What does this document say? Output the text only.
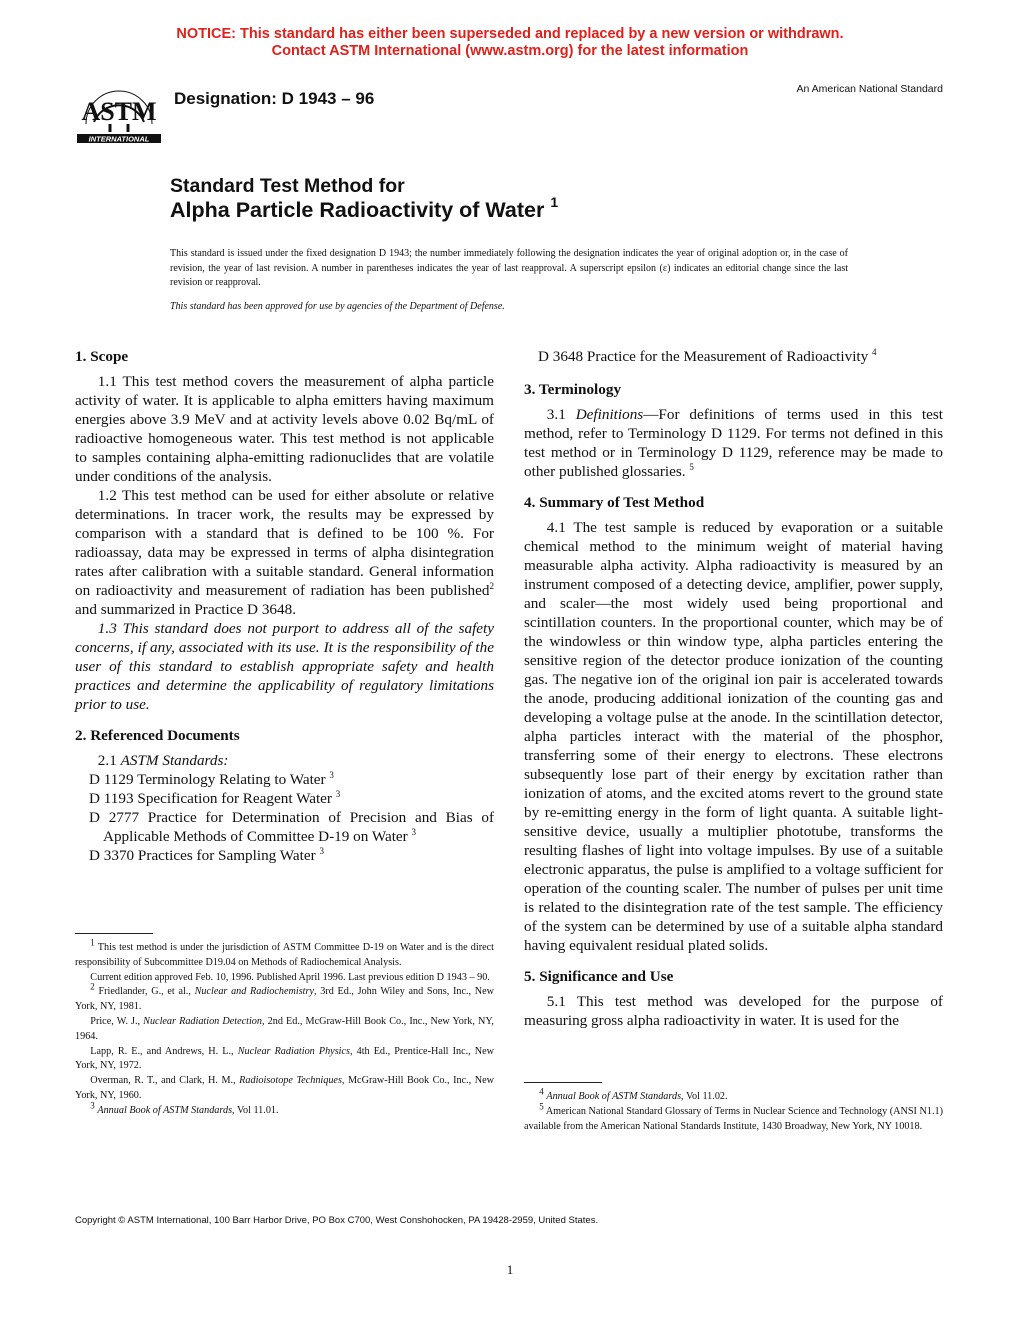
NOTICE: This standard has either been superseded and replaced by a new version or withdrawn.
Contact ASTM International (www.astm.org) for the latest information
ASTM
INTERNATIONAL
Designation: D 1943 – 96	An American National Standard
Standard Test Method for
Alpha Particle Radioactivity of Water $^1$
This standard is issued under the fixed designation D 1943; the number immediately following the designation indicates the year of original adoption or, in the case of revision, the year of last revision. A number in parentheses indicates the year of last reapproval. A superscript epsilon (ε) indicates an editorial change since the last revision or reapproval.
This standard has been approved for use by agencies of the Department of Defense.
1. Scope

1.1 This test method covers the measurement of alpha particle activity of water. It is applicable to alpha emitters having maximum energies above 3.9 MeV and at activity levels above 0.02 Bq/mL of radioactive homogeneous water. This test method is not applicable to samples containing alpha-emitting radionuclides that are volatile under conditions of the analysis.

1.2 This test method can be used for either absolute or relative determinations. In tracer work, the results may be expressed by comparison with a standard that is defined to be 100 %. For radioassay, data may be expressed in terms of alpha disintegration rates after calibration with a suitable standard. General information on radioactivity and measurement of radiation has been published$^2$ and summarized in Practice D 3648.

1.3 This standard does not purport to address all of the safety concerns, if any, associated with its use. It is the responsibility of the user of this standard to establish appropriate safety and health practices and determine the applicability of regulatory limitations prior to use.

2. Referenced Documents

2.1 ASTM Standards:

D 1129 Terminology Relating to Water $^3$
D 1193 Specification for Reagent Water $^3$
D 2777 Practice for Determination of Precision and Bias of Applicable Methods of Committee D-19 on Water $^3$
D 3370 Practices for Sampling Water $^3$

$^1$ This test method is under the jurisdiction of ASTM Committee D-19 on Water and is the direct responsibility of Subcommittee D19.04 on Methods of Radiochemical Analysis.

Current edition approved Feb. 10, 1996. Published April 1996. Last previous edition D 1943 – 90.

$^2$ Friedlander, G., et al., Nuclear and Radiochemistry, 3rd Ed., John Wiley and Sons, Inc., New York, NY, 1981.

Price, W. J., Nuclear Radiation Detection, 2nd Ed., McGraw-Hill Book Co., Inc., New York, NY, 1964.

Lapp, R. E., and Andrews, H. L., Nuclear Radiation Physics, 4th Ed., Prentice-Hall Inc., New York, NY, 1972.

Overman, R. T., and Clark, H. M., Radioisotope Techniques, McGraw-Hill Book Co., Inc., New York, NY, 1960.

$^3$ Annual Book of ASTM Standards, Vol 11.01.

D 3648 Practice for the Measurement of Radioactivity $^4$
3. Terminology

3.1 Definitions—For definitions of terms used in this test method, refer to Terminology D 1129. For terms not defined in this test method or in Terminology D 1129, reference may be made to other published glossaries. $^5$

4. Summary of Test Method

4.1 The test sample is reduced by evaporation or a suitable chemical method to the minimum weight of material having measurable alpha activity. Alpha radioactivity is measured by an instrument composed of a detecting device, amplifier, power supply, and scaler—the most widely used being proportional and scintillation counters. In the proportional counter, which may be of the windowless or thin window type, alpha particles entering the sensitive region of the detector produce ionization of the counting gas. The negative ion of the original ion pair is accelerated towards the anode, producing additional ionization of the counting gas and developing a voltage pulse at the anode. In the scintillation detector, alpha particles interact with the material of the phosphor, transferring some of their energy to electrons. These electrons subsequently lose part of their energy by excitation rather than ionization of atoms, and the excited atoms revert to the ground state by re-emitting energy in the form of light quanta. A suitable light-sensitive device, usually a multiplier phototube, transforms the resulting flashes of light into voltage impulses. By use of a suitable electronic apparatus, the pulse is amplified to a voltage sufficient for operation of the counting scaler. The number of pulses per unit time is related to the disintegration rate of the test sample. The efficiency of the system can be determined by use of a suitable alpha standard having equivalent residual plated solids.

5. Significance and Use

5.1 This test method was developed for the purpose of measuring gross alpha radioactivity in water. It is used for the

$^4$ Annual Book of ASTM Standards, Vol 11.02.

$^5$ American National Standard Glossary of Terms in Nuclear Science and Technology (ANSI N1.1) available from the American National Standards Institute, 1430 Broadway, New York, NY 10018.

Copyright © ASTM International, 100 Barr Harbor Drive, PO Box C700, West Conshohocken, PA 19428-2959, United States.
1
